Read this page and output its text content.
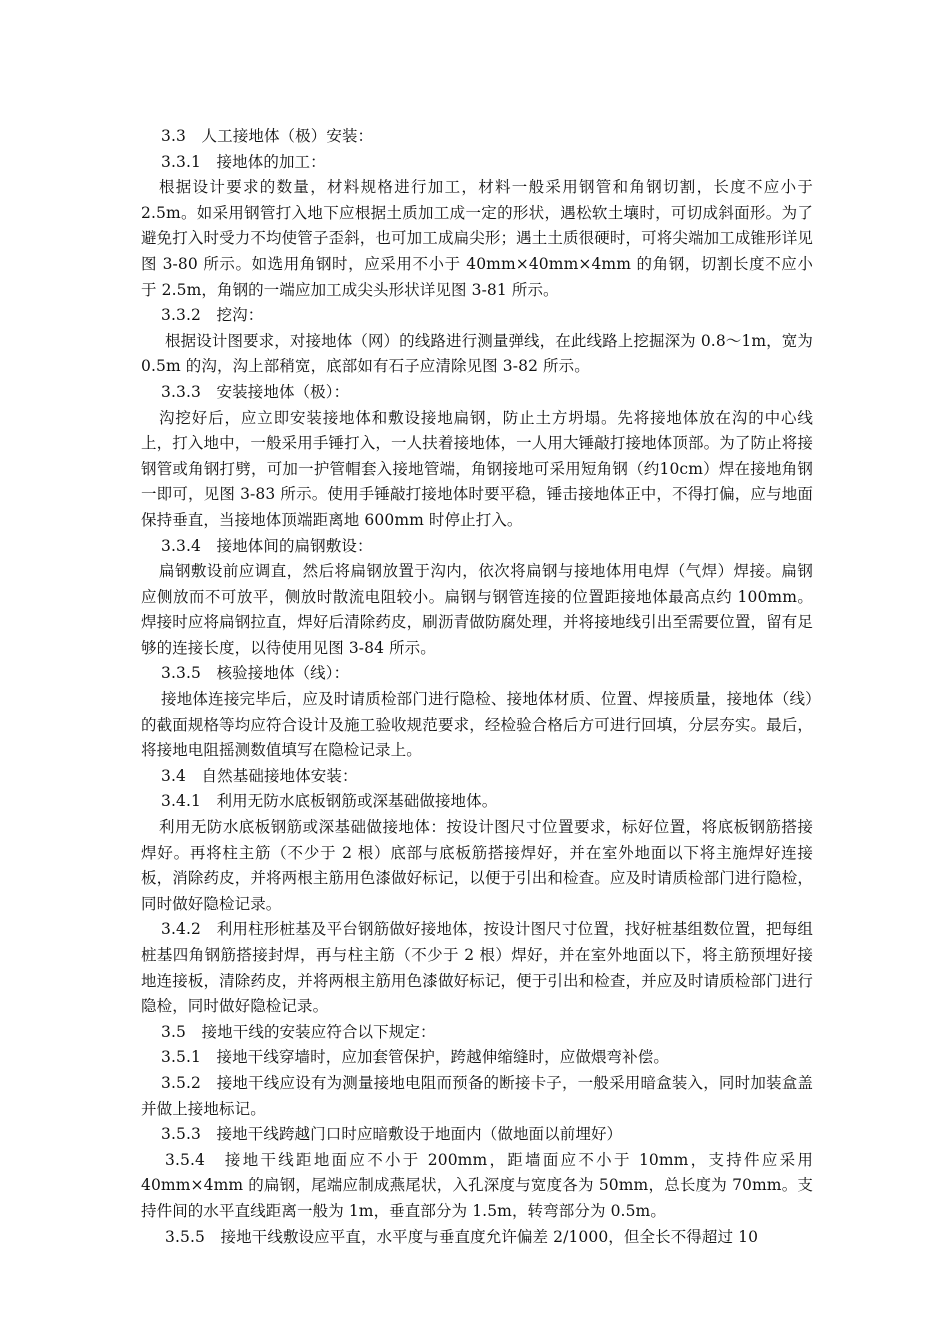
3.3　人工接地体（极）安装：

3.3.1　接地体的加工：

根据设计要求的数量，材料规格进行加工，材料一般采用钢管和角钢切割，长度不应小于 2.5m。如采用钢管打入地下应根据土质加工成一定的形状，遇松软土壤时，可切成斜面形。为了避免打入时受力不均使管子歪斜，也可加工成扁尖形；遇土土质很硬时，可将尖端加工成锥形详见图 3-80 所示。如选用角钢时，应采用不小于 40mm×40mm×4mm 的角钢，切割长度不应小于 2.5m，角钢的一端应加工成尖头形状详见图 3-81 所示。

3.3.2　挖沟：

根据设计图要求，对接地体（网）的线路进行测量弹线，在此线路上挖掘深为 0.8～1m，宽为 0.5m 的沟，沟上部稍宽，底部如有石子应清除见图 3-82 所示。

3.3.3　安装接地体（极）：

沟挖好后，应立即安装接地体和敷设接地扁钢，防止土方坍塌。先将接地体放在沟的中心线上，打入地中，一般采用手锤打入，一人扶着接地体，一人用大锤敲打接地体顶部。为了防止将接钢管或角钢打劈，可加一护管帽套入接地管端，角钢接地可采用短角钢（约10cm）焊在接地角钢一即可，见图 3-83 所示。使用手锤敲打接地体时要平稳，锤击接地体正中，不得打偏，应与地面保持垂直，当接地体顶端距离地 600mm 时停止打入。

3.3.4　接地体间的扁钢敷设：

扁钢敷设前应调直，然后将扁钢放置于沟内，依次将扁钢与接地体用电焊（气焊）焊接。扁钢应侧放而不可放平，侧放时散流电阻较小。扁钢与钢管连接的位置距接地体最高点约 100mm。焊接时应将扁钢拉直，焊好后清除药皮，刷沥青做防腐处理，并将接地线引出至需要位置，留有足够的连接长度，以待使用见图 3-84 所示。

3.3.5　核验接地体（线）：

接地体连接完毕后，应及时请质检部门进行隐检、接地体材质、位置、焊接质量，接地体（线）的截面规格等均应符合设计及施工验收规范要求，经检验合格后方可进行回填，分层夯实。最后，将接地电阻摇测数值填写在隐检记录上。

3.4　自然基础接地体安装：

3.4.1　利用无防水底板钢筋或深基础做接地体。

利用无防水底板钢筋或深基础做接地体：按设计图尺寸位置要求，标好位置，将底板钢筋搭接焊好。再将柱主筋（不少于 2 根）底部与底板筋搭接焊好，并在室外地面以下将主施焊好连接板，消除药皮，并将两根主筋用色漆做好标记，以便于引出和检查。应及时请质检部门进行隐检，同时做好隐检记录。

3.4.2　利用柱形桩基及平台钢筋做好接地体，按设计图尺寸位置，找好桩基组数位置，把每组桩基四角钢筋搭接封焊，再与柱主筋（不少于 2 根）焊好，并在室外地面以下，将主筋预埋好接地连接板，清除药皮，并将两根主筋用色漆做好标记，便于引出和检查，并应及时请质检部门进行隐检，同时做好隐检记录。

3.5　接地干线的安装应符合以下规定：

3.5.1　接地干线穿墙时，应加套管保护，跨越伸缩缝时，应做煨弯补偿。

3.5.2　接地干线应设有为测量接地电阻而预备的断接卡子，一般采用暗盒装入，同时加装盒盖并做上接地标记。

3.5.3　接地干线跨越门口时应暗敷设于地面内（做地面以前埋好）

3.5.4　接地干线距地面应不小于 200mm，距墙面应不小于 10mm，支持件应采用 40mm×4mm 的扁钢，尾端应制成燕尾状，入孔深度与宽度各为 50mm，总长度为 70mm。支持件间的水平直线距离一般为 1m，垂直部分为 1.5m，转弯部分为 0.5m。

3.5.5　接地干线敷设应平直，水平度与垂直度允许偏差 2/1000，但全长不得超过 10
